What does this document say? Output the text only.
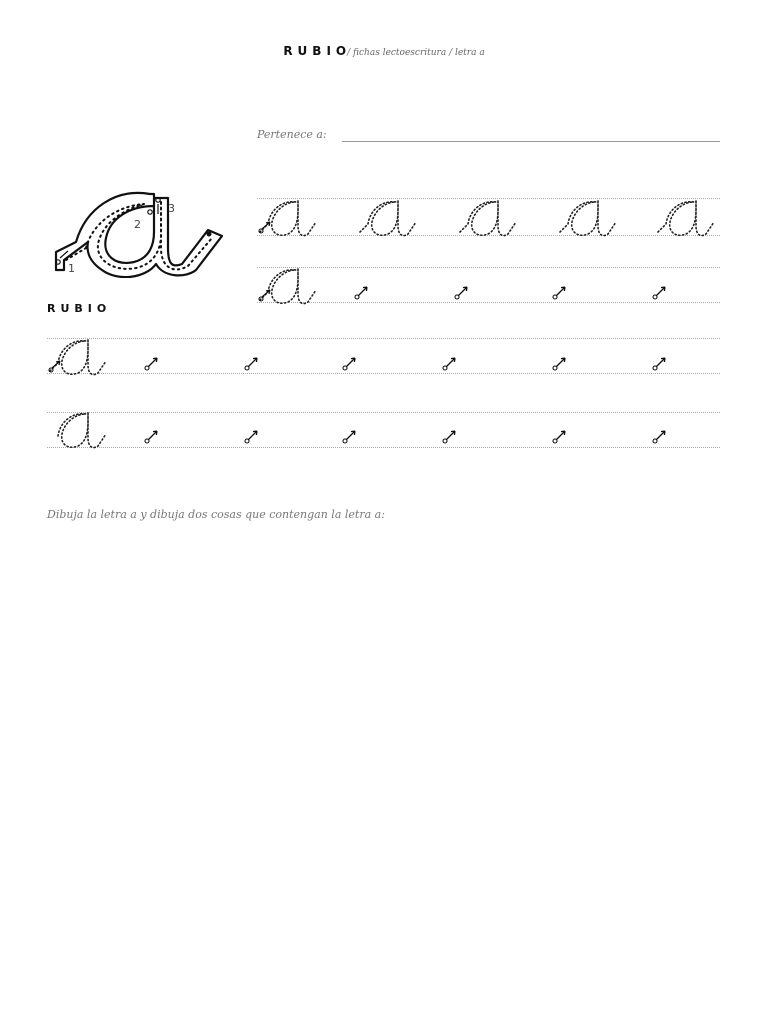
RUBIO/ fichas lectoescritura / letra a
Pertenece a:
1
2
3
RUBIO
Dibuja la letra a y dibuja dos cosas que contengan la letra a:
